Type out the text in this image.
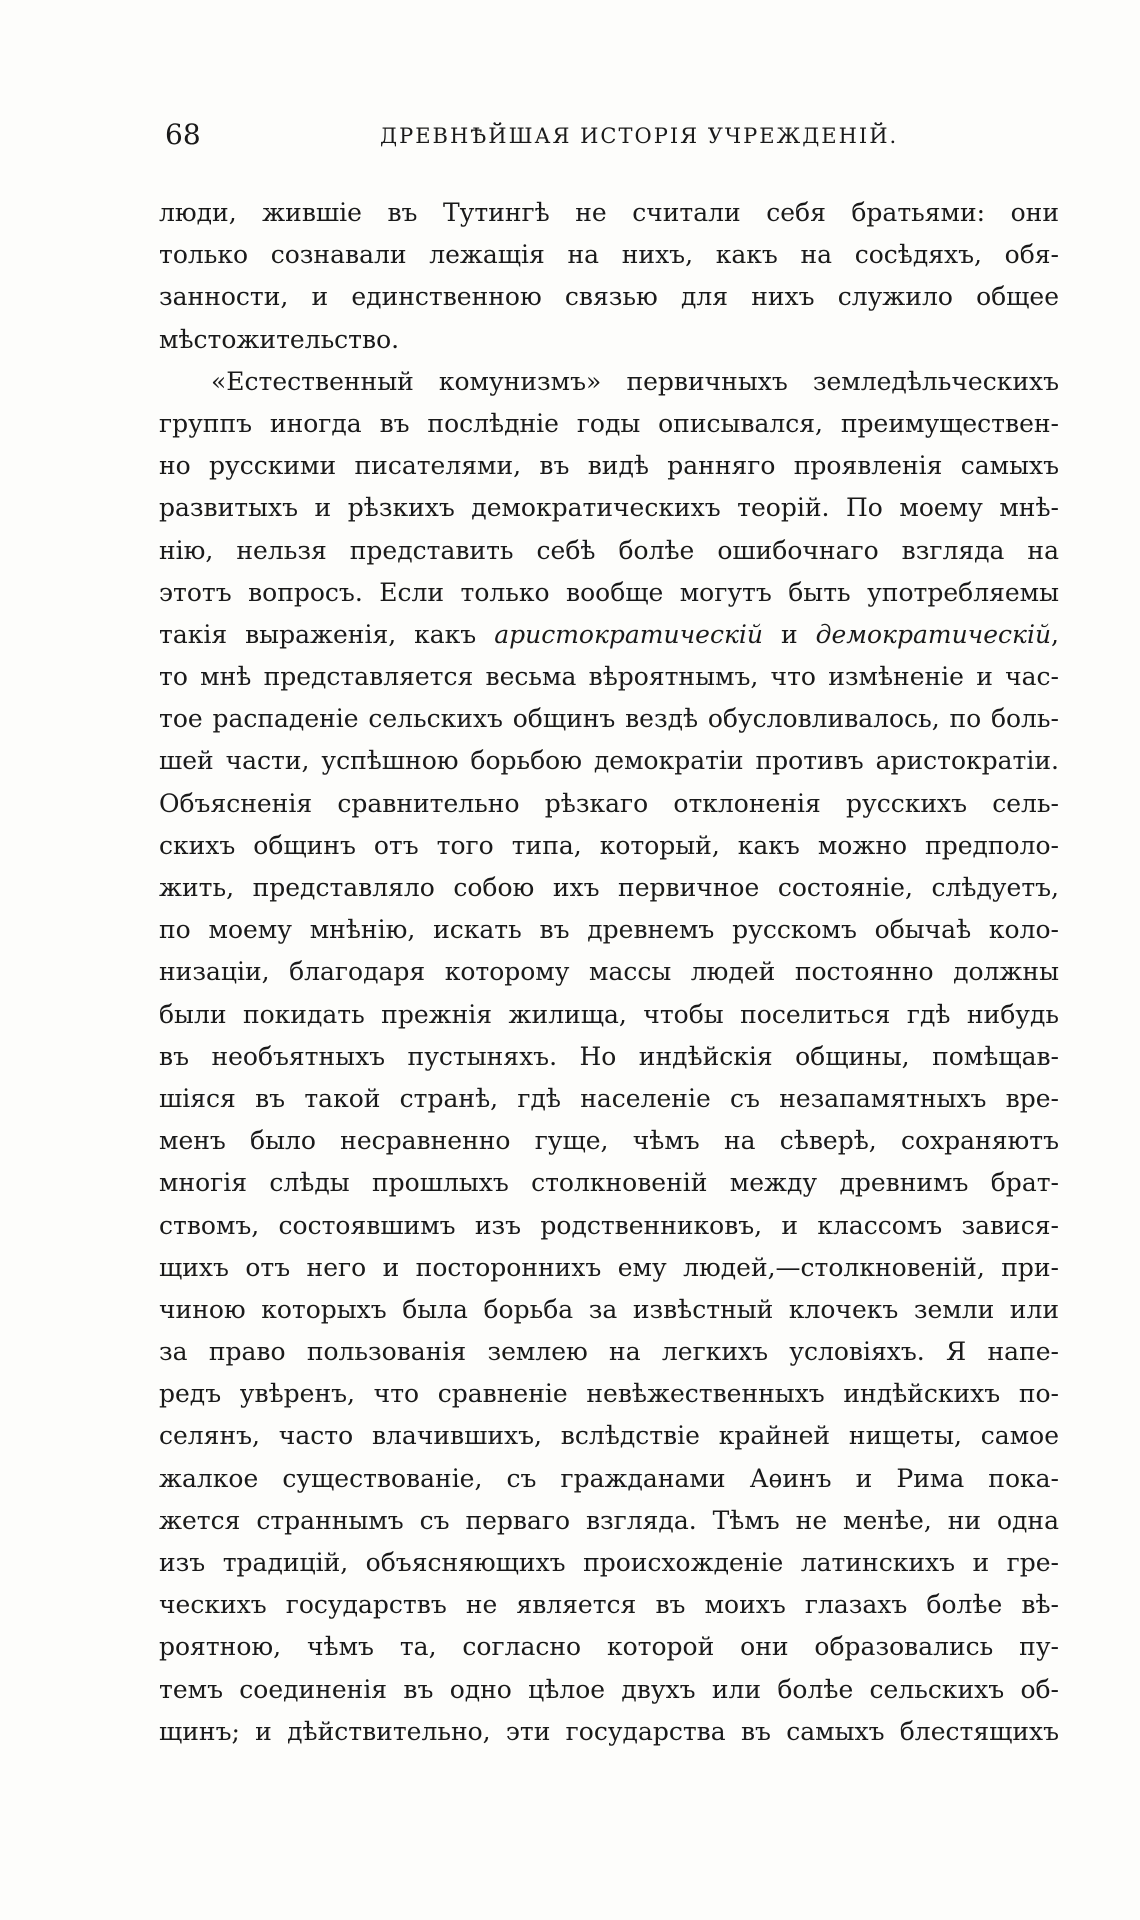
68	ДРЕВНѢЙШАЯ ИСТОРІЯ УЧРЕЖДЕНІЙ.
люди, жившіе въ Тутингѣ не считали себя братьями: они
только сознавали лежащія на нихъ, какъ на сосѣдяхъ, обя-
занности, и единственною связью для нихъ служило общее
мѣстожительство.
«Естественный комунизмъ» первичныхъ земледѣльческихъ
группъ иногда въ послѣдніе годы описывался, преимуществен-
но русскими писателями, въ видѣ ранняго проявленія самыхъ
развитыхъ и рѣзкихъ демократическихъ теорій. По моему мнѣ-
нію, нельзя представить себѣ болѣе ошибочнаго взгляда на
этотъ вопросъ. Если только вообще могутъ быть употребляемы
такія выраженія, какъ аристократическій и демократическій,
то мнѣ представляется весьма вѣроятнымъ, что измѣненіе и час-
тое распаденіе сельскихъ общинъ вездѣ обусловливалось, по боль-
шей части, успѣшною борьбою демократіи противъ аристократіи.
Объясненія сравнительно рѣзкаго отклоненія русскихъ сель-
скихъ общинъ отъ того типа, который, какъ можно предполо-
жить, представляло собою ихъ первичное состояніе, слѣдуетъ,
по моему мнѣнію, искать въ древнемъ русскомъ обычаѣ коло-
низаціи, благодаря которому массы людей постоянно должны
были покидать прежнія жилища, чтобы поселиться гдѣ нибудь
въ необъятныхъ пустыняхъ. Но индѣйскія общины, помѣщав-
шіяся въ такой странѣ, гдѣ населеніе съ незапамятныхъ вре-
менъ было несравненно гуще, чѣмъ на сѣверѣ, сохраняютъ
многія слѣды прошлыхъ столкновеній между древнимъ брат-
ствомъ, состоявшимъ изъ родственниковъ, и классомъ завися-
щихъ отъ него и постороннихъ ему людей,—столкновеній, при-
чиною которыхъ была борьба за извѣстный клочекъ земли или
за право пользованія землею на легкихъ условіяхъ. Я напе-
редъ увѣренъ, что сравненіе невѣжественныхъ индѣйскихъ по-
селянъ, часто влачившихъ, вслѣдствіе крайней нищеты, самое
жалкое существованіе, съ гражданами Аѳинъ и Рима пока-
жется страннымъ съ перваго взгляда. Тѣмъ не менѣе, ни одна
изъ традицій, объясняющихъ происхожденіе латинскихъ и гре-
ческихъ государствъ не является въ моихъ глазахъ болѣе вѣ-
роятною, чѣмъ та, согласно которой они образовались пу-
темъ соединенія въ одно цѣлое двухъ или болѣе сельскихъ об-
щинъ; и дѣйствительно, эти государства въ самыхъ блестящихъ
